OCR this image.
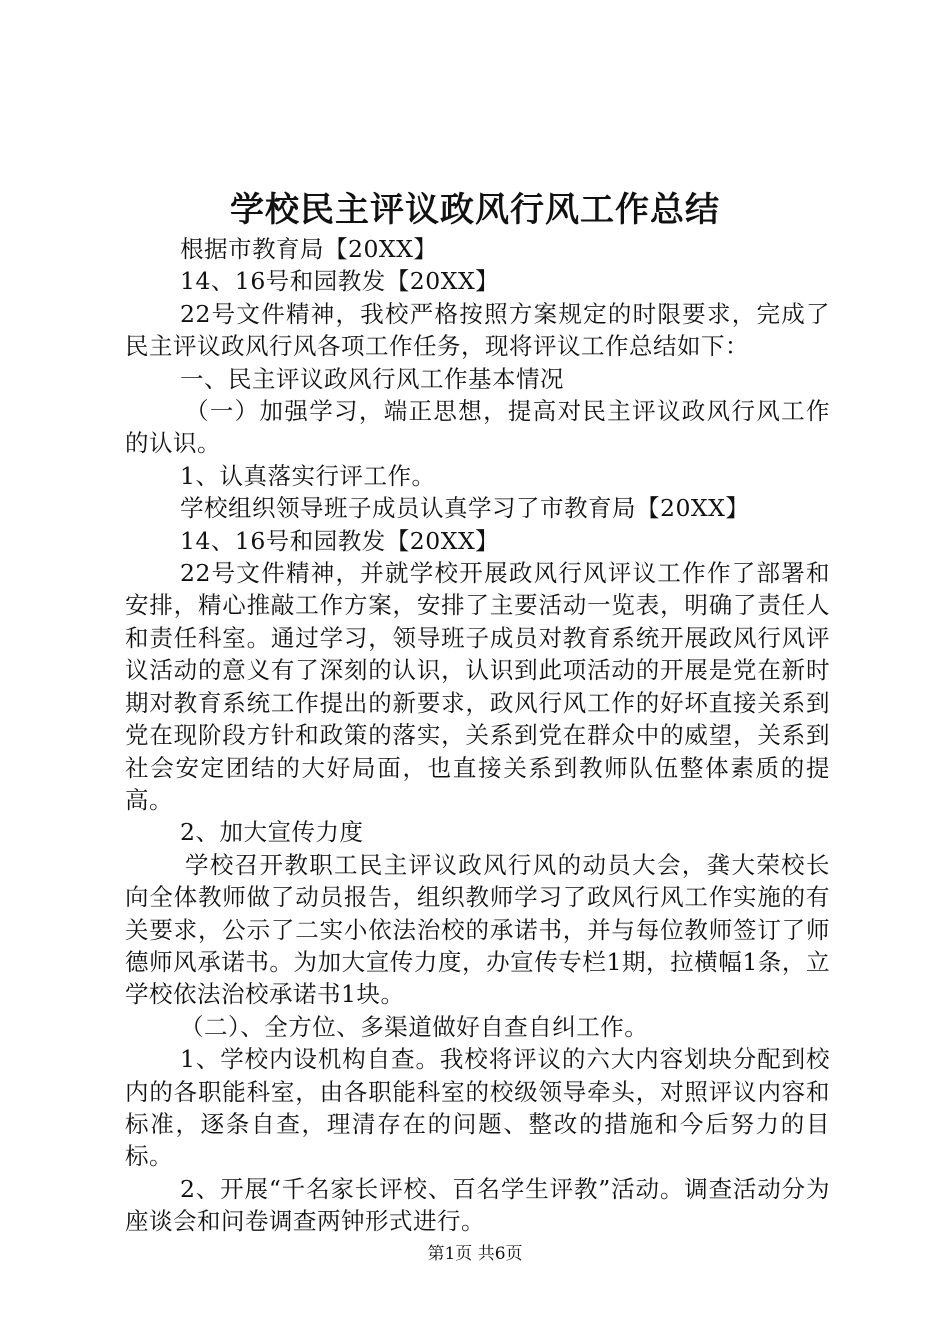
学校民主评议政风行风工作总结

根据市教育局【20XX】

14、16号和园教发【20XX】

22号文件精神，我校严格按照方案规定的时限要求，完成了民主评议政风行风各项工作任务，现将评议工作总结如下：

一、民主评议政风行风工作基本情况

（一）加强学习，端正思想，提高对民主评议政风行风工作的认识。

1、认真落实行评工作。

学校组织领导班子成员认真学习了市教育局【20XX】

14、16号和园教发【20XX】

22号文件精神，并就学校开展政风行风评议工作作了部署和安排，精心推敲工作方案，安排了主要活动一览表，明确了责任人和责任科室。通过学习，领导班子成员对教育系统开展政风行风评议活动的意义有了深刻的认识，认识到此项活动的开展是党在新时期对教育系统工作提出的新要求，政风行风工作的好坏直接关系到党在现阶段方针和政策的落实，关系到党在群众中的威望，关系到社会安定团结的大好局面，也直接关系到教师队伍整体素质的提高。

2、加大宣传力度

学校召开教职工民主评议政风行风的动员大会，龚大荣校长向全体教师做了动员报告，组织教师学习了政风行风工作实施的有关要求，公示了二实小依法治校的承诺书，并与每位教师签订了师德师风承诺书。为加大宣传力度，办宣传专栏1期，拉横幅1条，立学校依法治校承诺书1块。

（二）、全方位、多渠道做好自查自纠工作。

1、学校内设机构自查。我校将评议的六大内容划块分配到校内的各职能科室，由各职能科室的校级领导牵头，对照评议内容和标准，逐条自查，理清存在的问题、整改的措施和今后努力的目标。

2、开展“千名家长评校、百名学生评教”活动。调查活动分为座谈会和问卷调查两钟形式进行。

第1页 共6页
